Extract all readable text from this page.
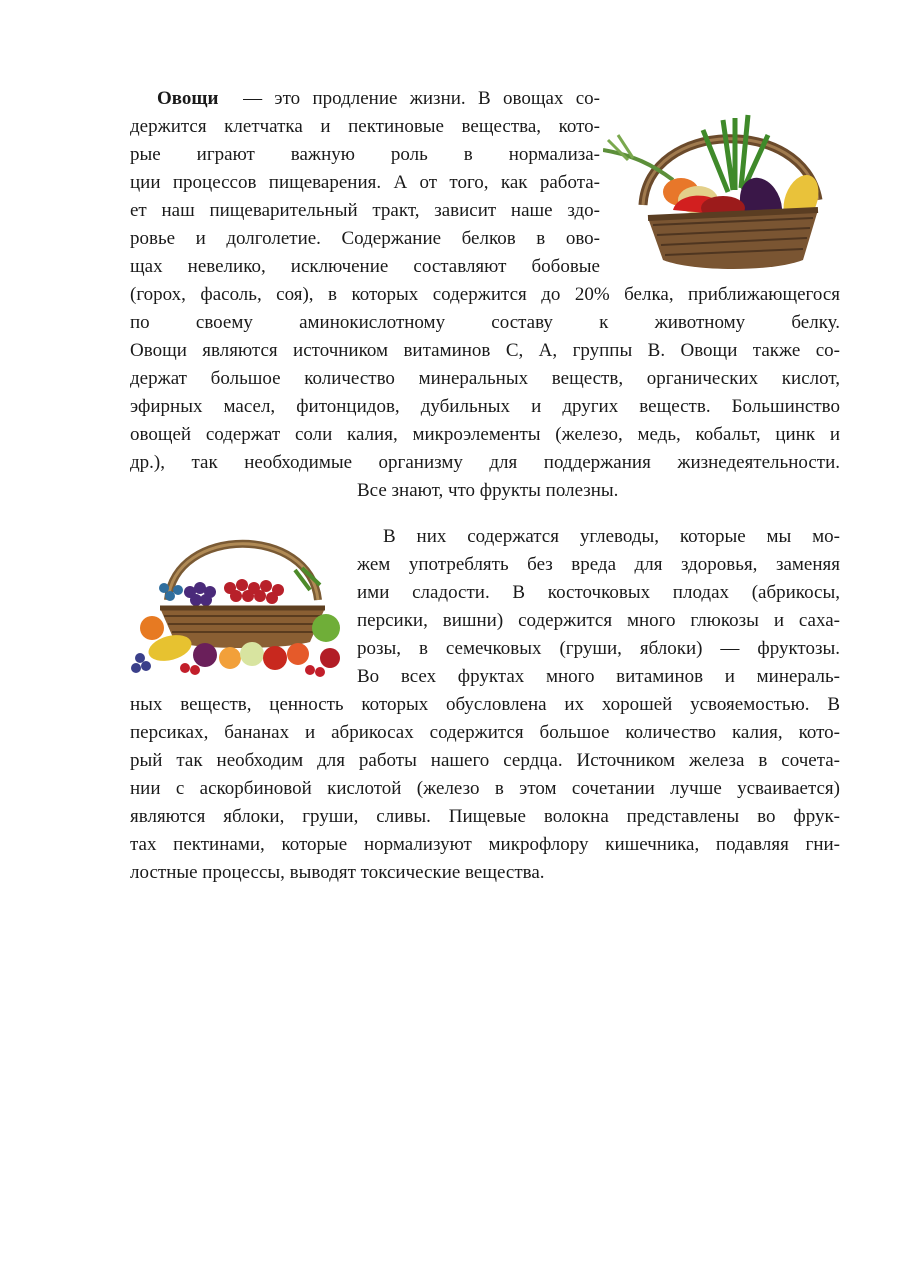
Овощи — это продление жизни. В овощах со-
держится клетчатка и пектиновые вещества, кото-
рые играют важную роль в нормализа-
ции процессов пищеварения. А от того, как работа-
ет наш пищеварительный тракт, зависит наше здо-
ровье и долголетие. Содержание белков в ово-
щах невелико, исключение составляют бобовые
(горох, фасоль, соя), в которых содержится до 20% белка, приближающегося
по своему аминокислотному составу к животному белку.
Овощи являются источником витаминов С, А, группы В. Овощи также со-
держат большое количество минеральных веществ, органических кислот,
эфирных масел, фитонцидов, дубильных и других веществ. Большинство
овощей содержат соли калия, микроэлементы (железо, медь, кобальт, цинк и
др.), так необходимые организму для поддержания жизнедеятельности.
Все знают, что фрукты полезны.
В них содержатся углеводы, которые мы мо-
жем употреблять без вреда для здоровья, заменяя
ими сладости. В косточковых плодах (абрикосы,
персики, вишни) содержится много глюкозы и саха-
розы, в семечковых (груши, яблоки) — фруктозы.
Во всех фруктах много витаминов и минераль-
ных веществ, ценность которых обусловлена их хорошей усвояемостью. В
персиках, бананах и абрикосах содержится большое количество калия, кото-
рый так необходим для работы нашего сердца. Источником железа в сочета-
нии с аскорбиновой кислотой (железо в этом сочетании лучше усваивается)
являются яблоки, груши, сливы. Пищевые волокна представлены во фрук-
тах пектинами, которые нормализуют микрофлору кишечника, подавляя гни-
лостные процессы, выводят токсические вещества.
